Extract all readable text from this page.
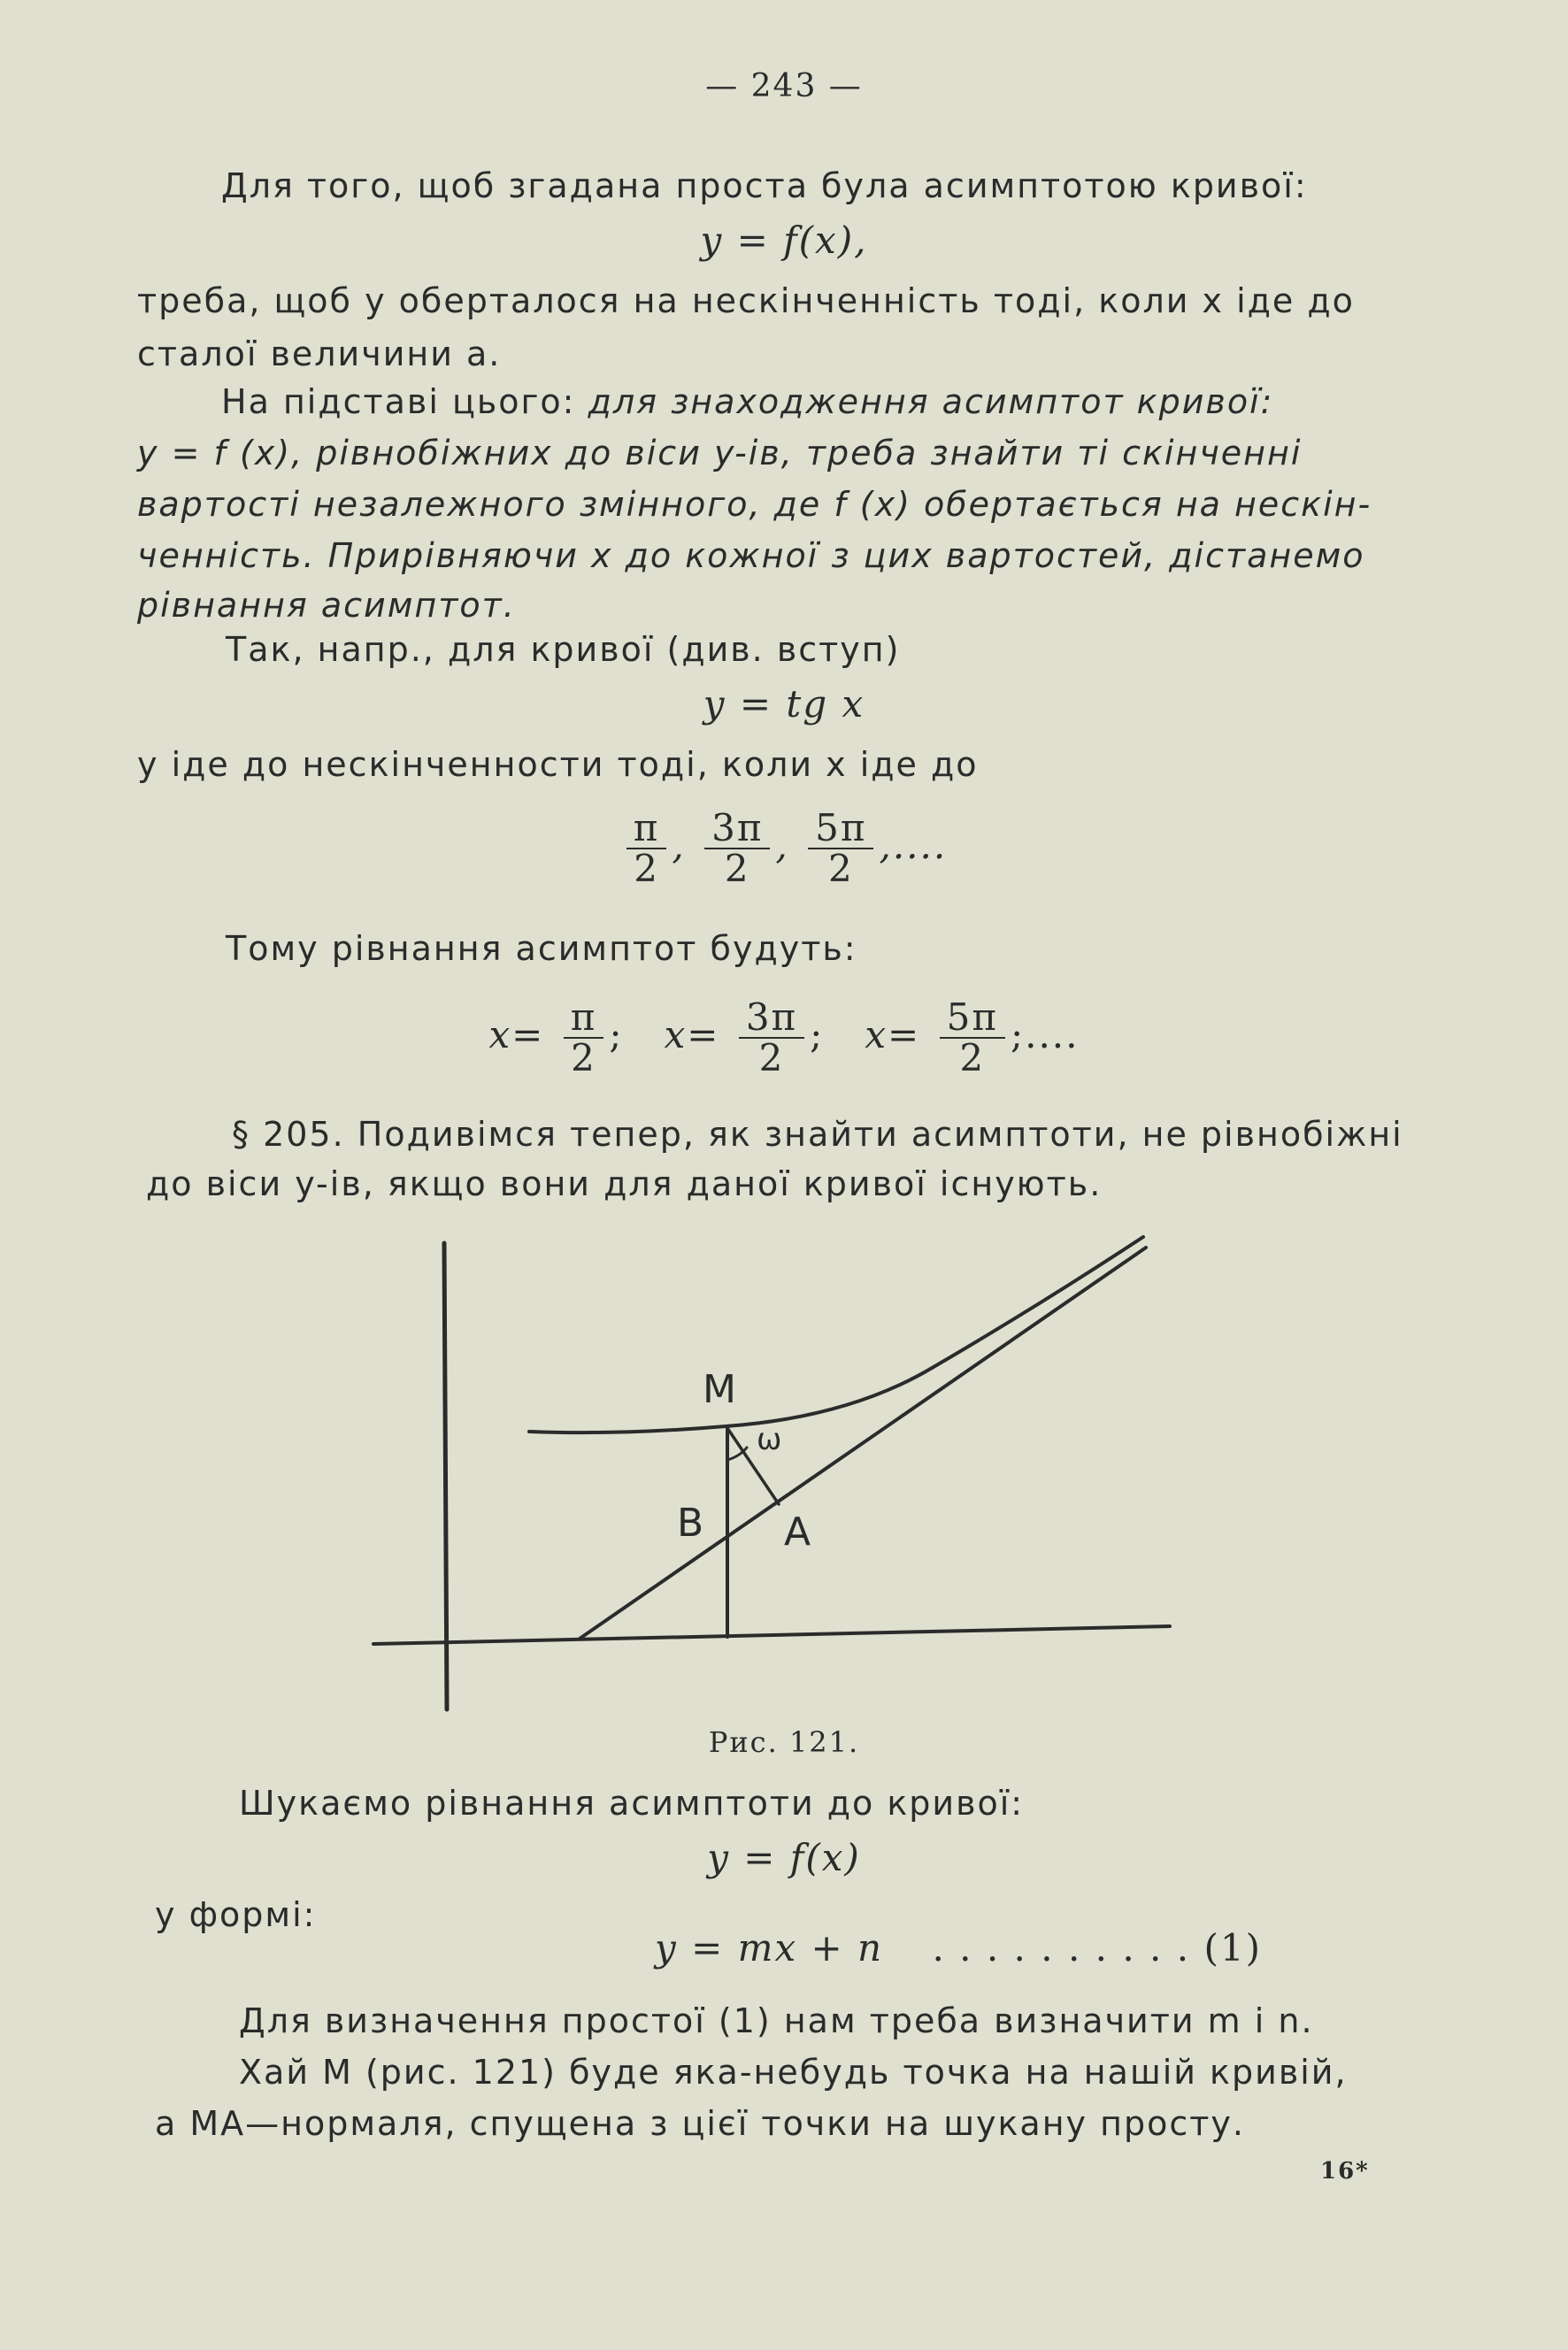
— 243 —
Для того, щоб згадана проста була асимптотою кривої:
y = f(x),
треба, щоб y оберталося на нескінченність тоді, коли x іде до
сталої величини a.
На підставі цього: для знаходження асимптот кривої:
y = f (x), рівнобіжних до віси y-ів, треба знайти ті скінченні
вартості незалежного змінного, де f (x) обертається на нескін-
ченність. Прирівняючи x до кожної з цих вартостей, дістанемо
рівнання асимптот.
Так, напр., для кривої (див. вступ)
y = tg x
y іде до нескінченности тоді, коли x іде до
$\frac{\pi}{2}$ , $\frac{3\pi}{2}$ , $\frac{5\pi}{2}$ ,....
Тому рівнання асимптот будуть:
$x= \frac{\pi}{2}$ ; $x= \frac{3\pi}{2}$ ; $x= \frac{5\pi}{2}$ ;....
§ 205. Подивімся тепер, як знайти асимптоти, не рівнобіжні
до віси y-ів, якщо вони для даної кривої існують.
M
ω
B A
Рис. 121.
Шукаємо рівнання асимптоти до кривої:
y = f(x)
у формі:
y = mx + n . . . . . . . . . . (1)
Для визначення простої (1) нам треба визначити m і n.
Хай M (рис. 121) буде яка-небудь точка на нашій кривій,
а MA—нормаля, спущена з цієї точки на шукану просту.
16*
